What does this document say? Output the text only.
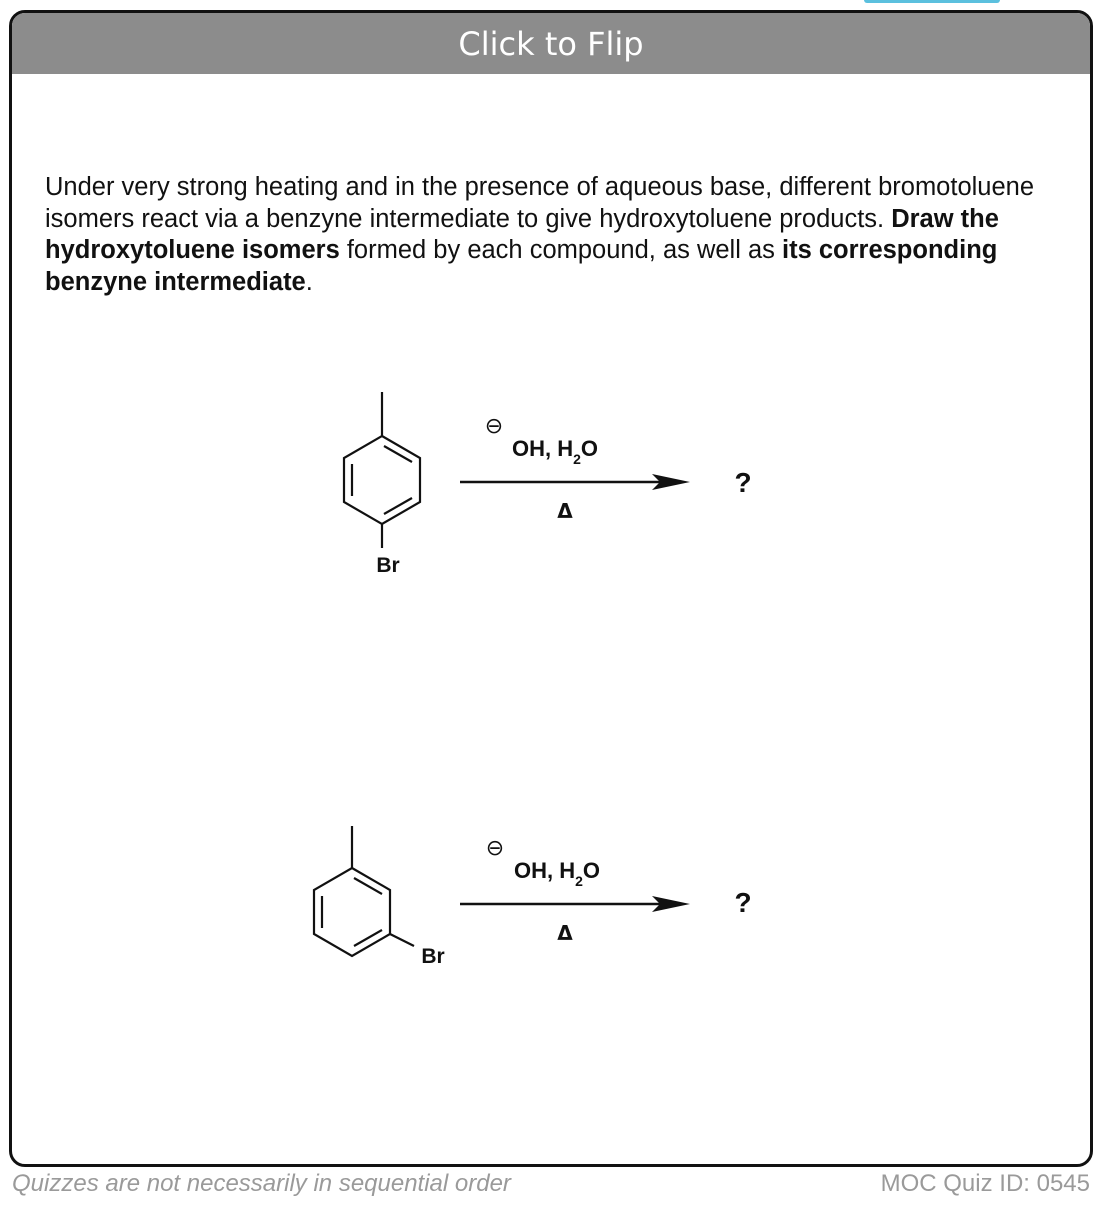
Click to Flip
Under very strong heating and in the presence of aqueous base, different bromotoluene isomers react via a benzyne intermediate to give hydroxytoluene products. Draw the hydroxytoluene isomers formed by each compound, as well as its corresponding benzyne intermediate.
Br
⊖
OH, $H_2O$
Δ
?
Br
⊖
OH, $H_2O$
Δ
?
Quizzes are not necessarily in sequential order	MOC Quiz ID: 0545
